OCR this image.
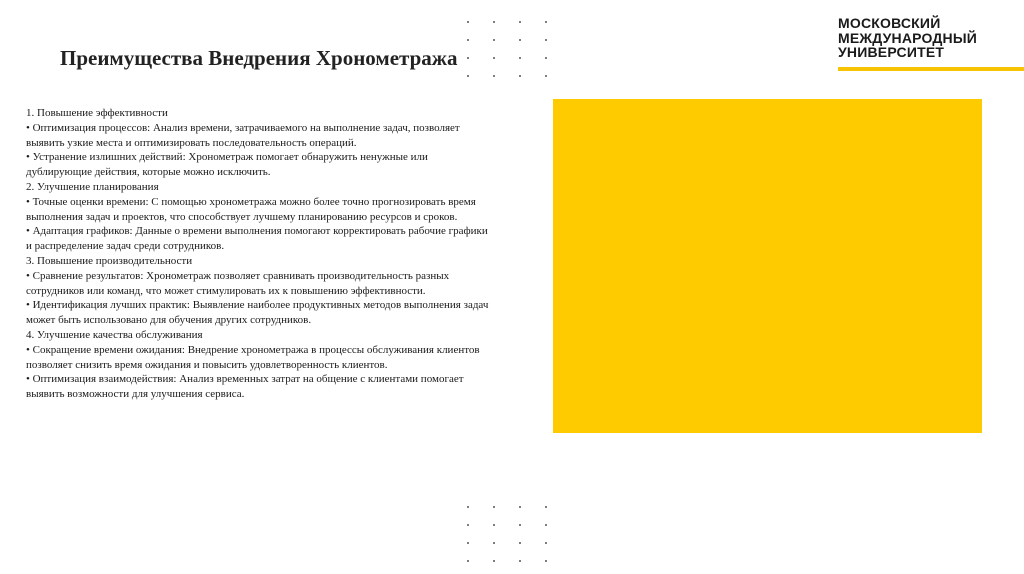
Преимущества Внедрения Хронометража
МОСКОВСКИЙ
МЕЖДУНАРОДНЫЙ
УНИВЕРСИТЕТ

1. Повышение эффективности

• Оптимизация процессов: Анализ времени, затрачиваемого на выполнение задач, позволяет выявить узкие места и оптимизировать последовательность операций.

• Устранение излишних действий: Хронометраж помогает обнаружить ненужные или дублирующие действия, которые можно исключить.

2. Улучшение планирования

• Точные оценки времени: С помощью хронометража можно более точно прогнозировать время выполнения задач и проектов, что способствует лучшему планированию ресурсов и сроков.

• Адаптация графиков: Данные о времени выполнения помогают корректировать рабочие графики и распределение задач среди сотрудников.

3. Повышение производительности

• Сравнение результатов: Хронометраж позволяет сравнивать производительность разных сотрудников или команд, что может стимулировать их к повышению эффективности.

• Идентификация лучших практик: Выявление наиболее продуктивных методов выполнения задач может быть использовано для обучения других сотрудников.

4. Улучшение качества обслуживания

• Сокращение времени ожидания: Внедрение хронометража в процессы обслуживания клиентов позволяет снизить время ожидания и повысить удовлетворенность клиентов.

• Оптимизация взаимодействия: Анализ временных затрат на общение с клиентами помогает выявить возможности для улучшения сервиса.
